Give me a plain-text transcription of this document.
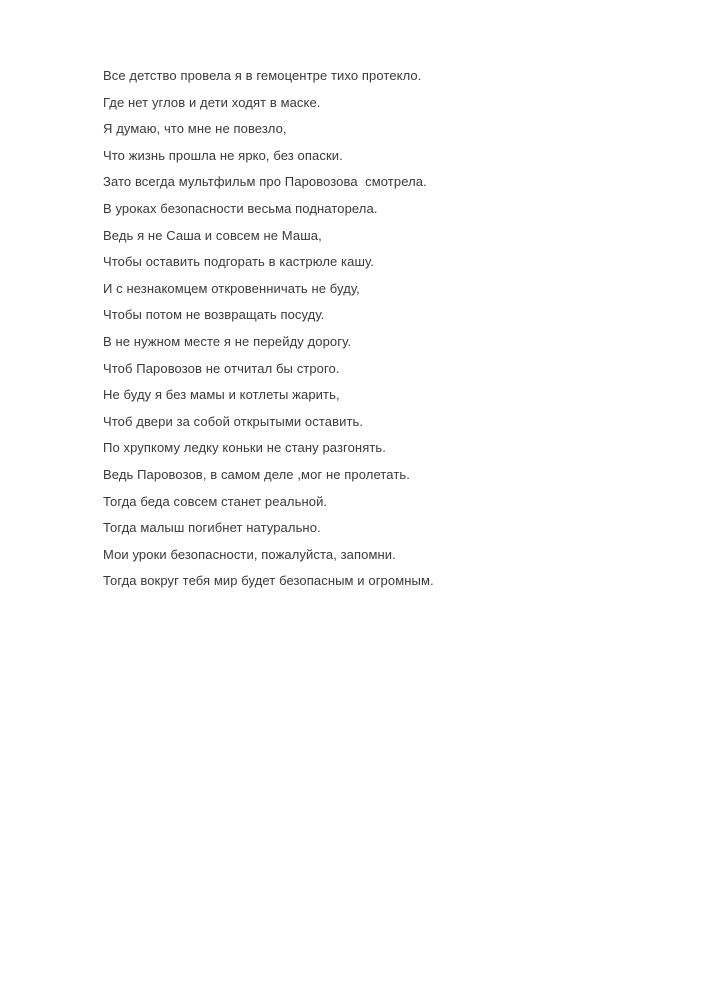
Все детство провела я в гемоцентре тихо протекло.

Где нет углов и дети ходят в маске.

Я думаю, что мне не повезло,

Что жизнь прошла не ярко, без опаски.

Зато всегда мультфильм про Паровозова  смотрела.

В уроках безопасности весьма поднаторела.

Ведь я не Саша и совсем не Маша,

Чтобы оставить подгорать в кастрюле кашу.

И с незнакомцем откровенничать не буду,

Чтобы потом не возвращать посуду.

В не нужном месте я не перейду дорогу.

Чтоб Паровозов не отчитал бы строго.

Не буду я без мамы и котлеты жарить,

Чтоб двери за собой открытыми оставить.

По хрупкому ледку коньки не стану разгонять.

Ведь Паровозов, в самом деле ,мог не пролетать.

Тогда беда совсем станет реальной.

Тогда малыш погибнет натурально.

Мои уроки безопасности, пожалуйста, запомни.

Тогда вокруг тебя мир будет безопасным и огромным.
